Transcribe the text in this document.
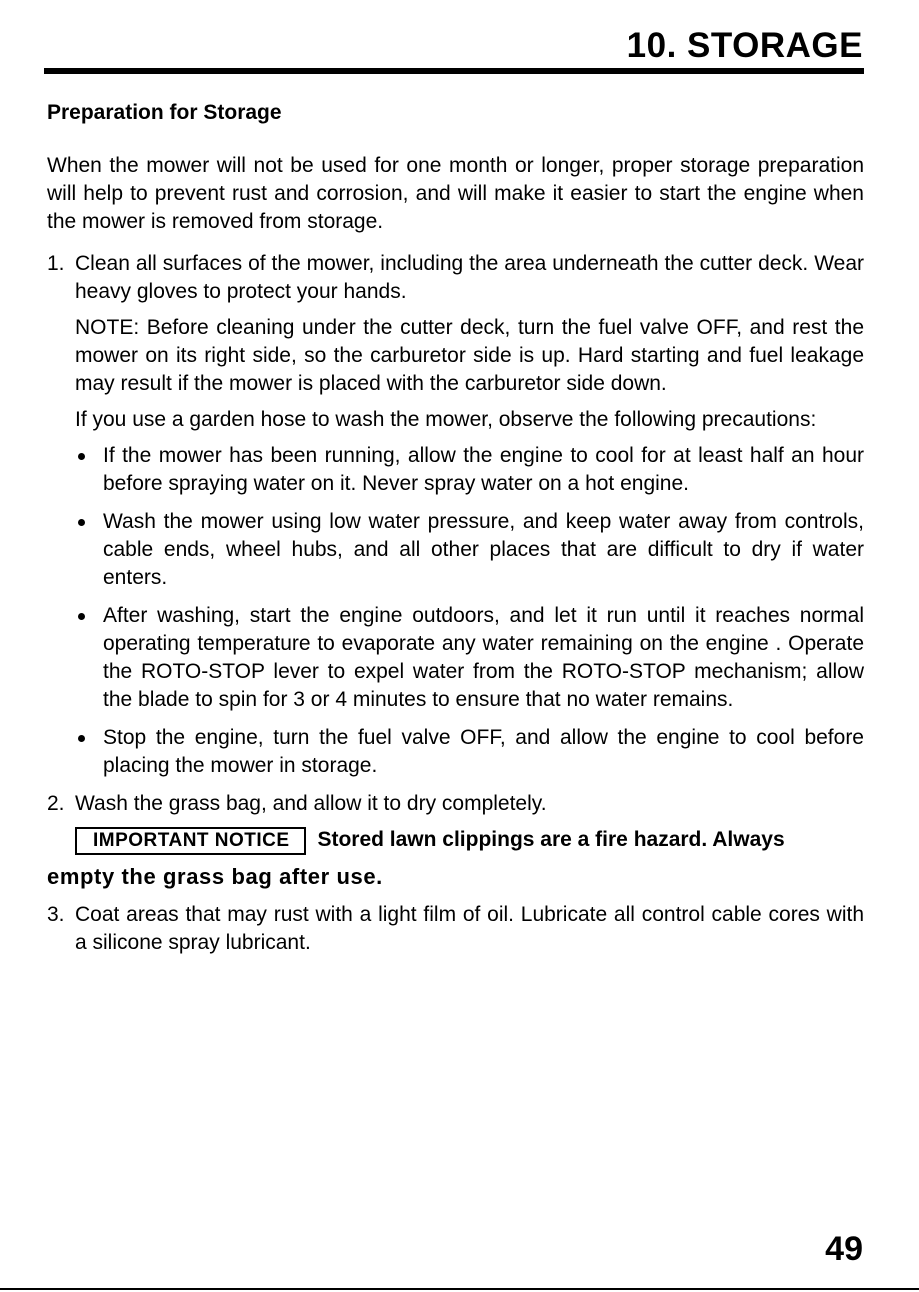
10. STORAGE
Preparation for Storage

When the mower will not be used for one month or longer, proper storage preparation will help to prevent rust and corrosion, and will make it easier to start the engine when the mower is removed from storage.

1. Clean all surfaces of the mower, including the area underneath the cutter deck. Wear heavy gloves to protect your hands.

NOTE: Before cleaning under the cutter deck, turn the fuel valve OFF, and rest the mower on its right side, so the carburetor side is up. Hard starting and fuel leakage may result if the mower is placed with the carburetor side down.

If you use a garden hose to wash the mower, observe the following precautions:

If the mower has been running, allow the engine to cool for at least half an hour before spraying water on it. Never spray water on a hot engine.
Wash the mower using low water pressure, and keep water away from controls, cable ends, wheel hubs, and all other places that are difficult to dry if water enters.
After washing, start the engine outdoors, and let it run until it reaches normal operating temperature to evaporate any water remaining on the engine . Operate the ROTO-STOP lever to expel water from the ROTO-STOP mechanism; allow the blade to spin for 3 or 4 minutes to ensure that no water remains.
Stop the engine, turn the fuel valve OFF, and allow the engine to cool before placing the mower in storage.
2. Wash the grass bag, and allow it to dry completely.

IMPORTANT NOTICE Stored lawn clippings are a fire hazard. Always
empty the grass bag after use.
3. Coat areas that may rust with a light film of oil. Lubricate all control cable cores with a silicone spray lubricant.

49
